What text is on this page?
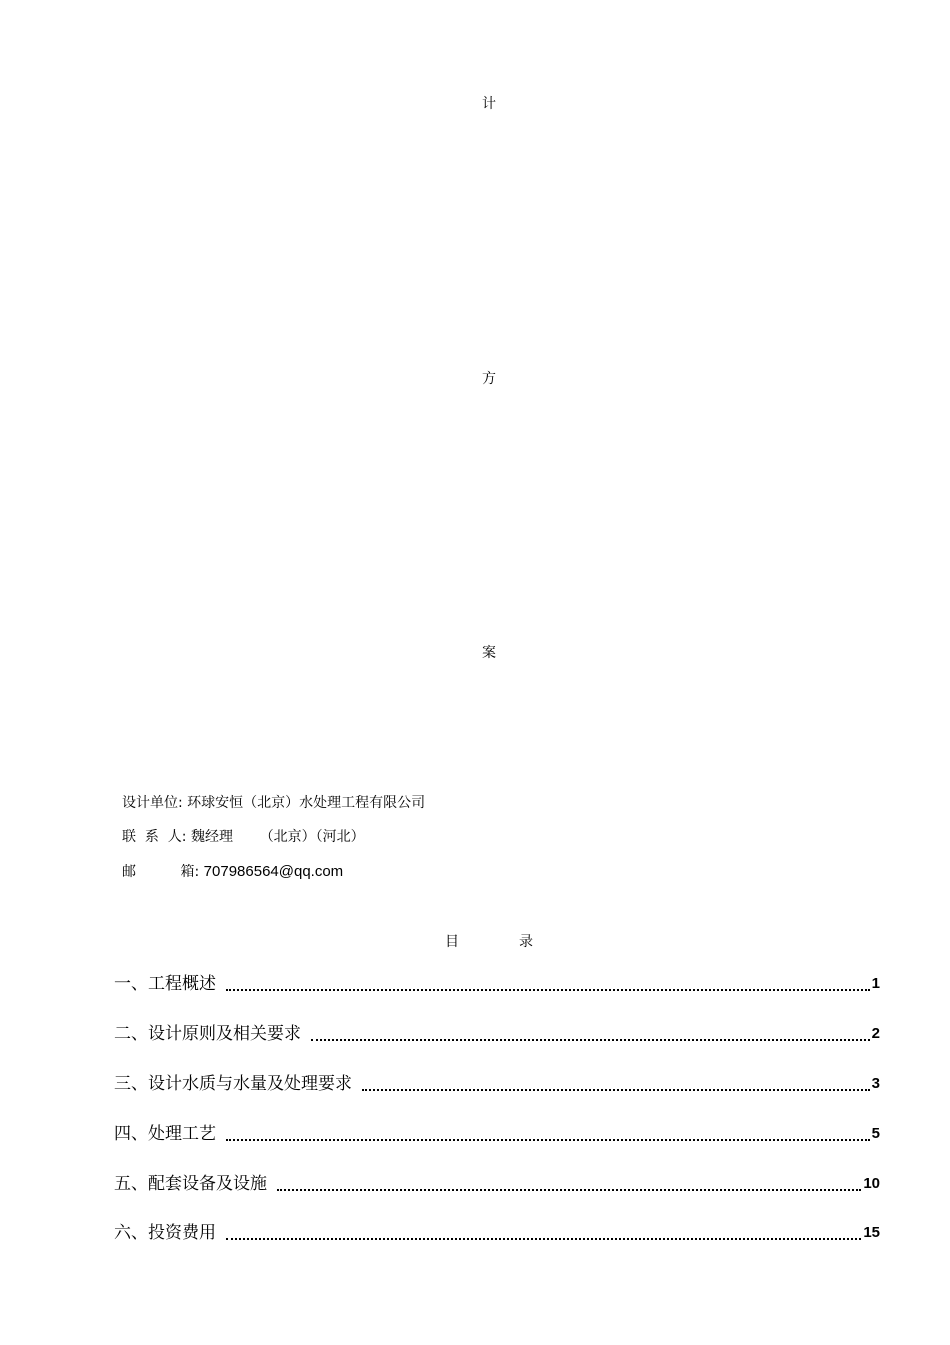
计
方
案
设计单位: 环球安恒（北京）水处理工程有限公司
联  系  人: 魏经理 （北京）（河北）
邮          箱: 707986564@qq.com
目	录
一、工程概述	1
二、设计原则及相关要求	2
三、设计水质与水量及处理要求	3
四、处理工艺	5
五、配套设备及设施	10
六、投资费用	15
